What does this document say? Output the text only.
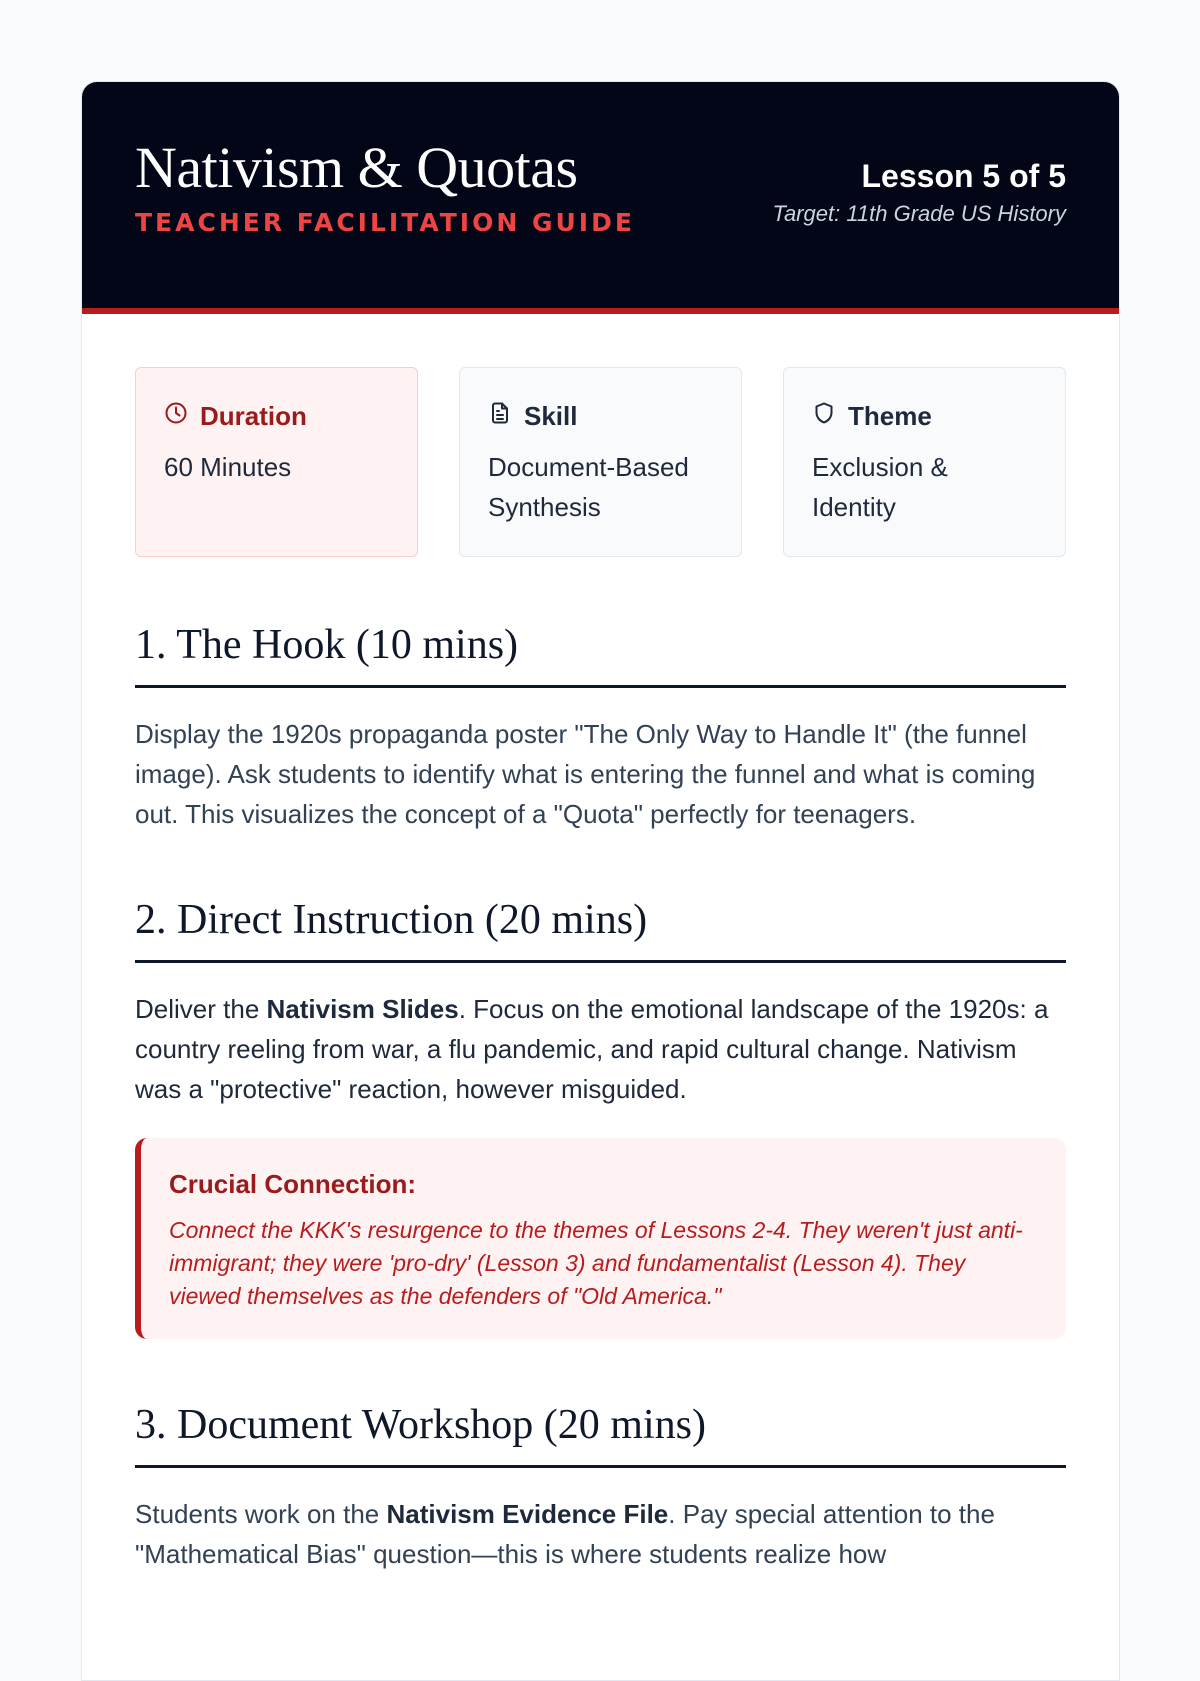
Nativism & Quotas
TEACHER FACILITATION GUIDE
Lesson 5 of 5
Target: 11th Grade US History
Duration
60 Minutes
Skill
Document-Based Synthesis
Theme
Exclusion & Identity
1. The Hook (10 mins)

Display the 1920s propaganda poster "The Only Way to Handle It" (the funnel image). Ask students to identify what is entering the funnel and what is coming out. This visualizes the concept of a "Quota" perfectly for teenagers.

2. Direct Instruction (20 mins)

Deliver the Nativism Slides. Focus on the emotional landscape of the 1920s: a country reeling from war, a flu pandemic, and rapid cultural change. Nativism was a "protective" reaction, however misguided.

Crucial Connection:
Connect the KKK's resurgence to the themes of Lessons 2-4. They weren't just anti-immigrant; they were 'pro-dry' (Lesson 3) and fundamentalist (Lesson 4). They viewed themselves as the defenders of "Old America."
3. Document Workshop (20 mins)

Students work on the Nativism Evidence File. Pay special attention to the "Mathematical Bias" question—this is where students realize how
